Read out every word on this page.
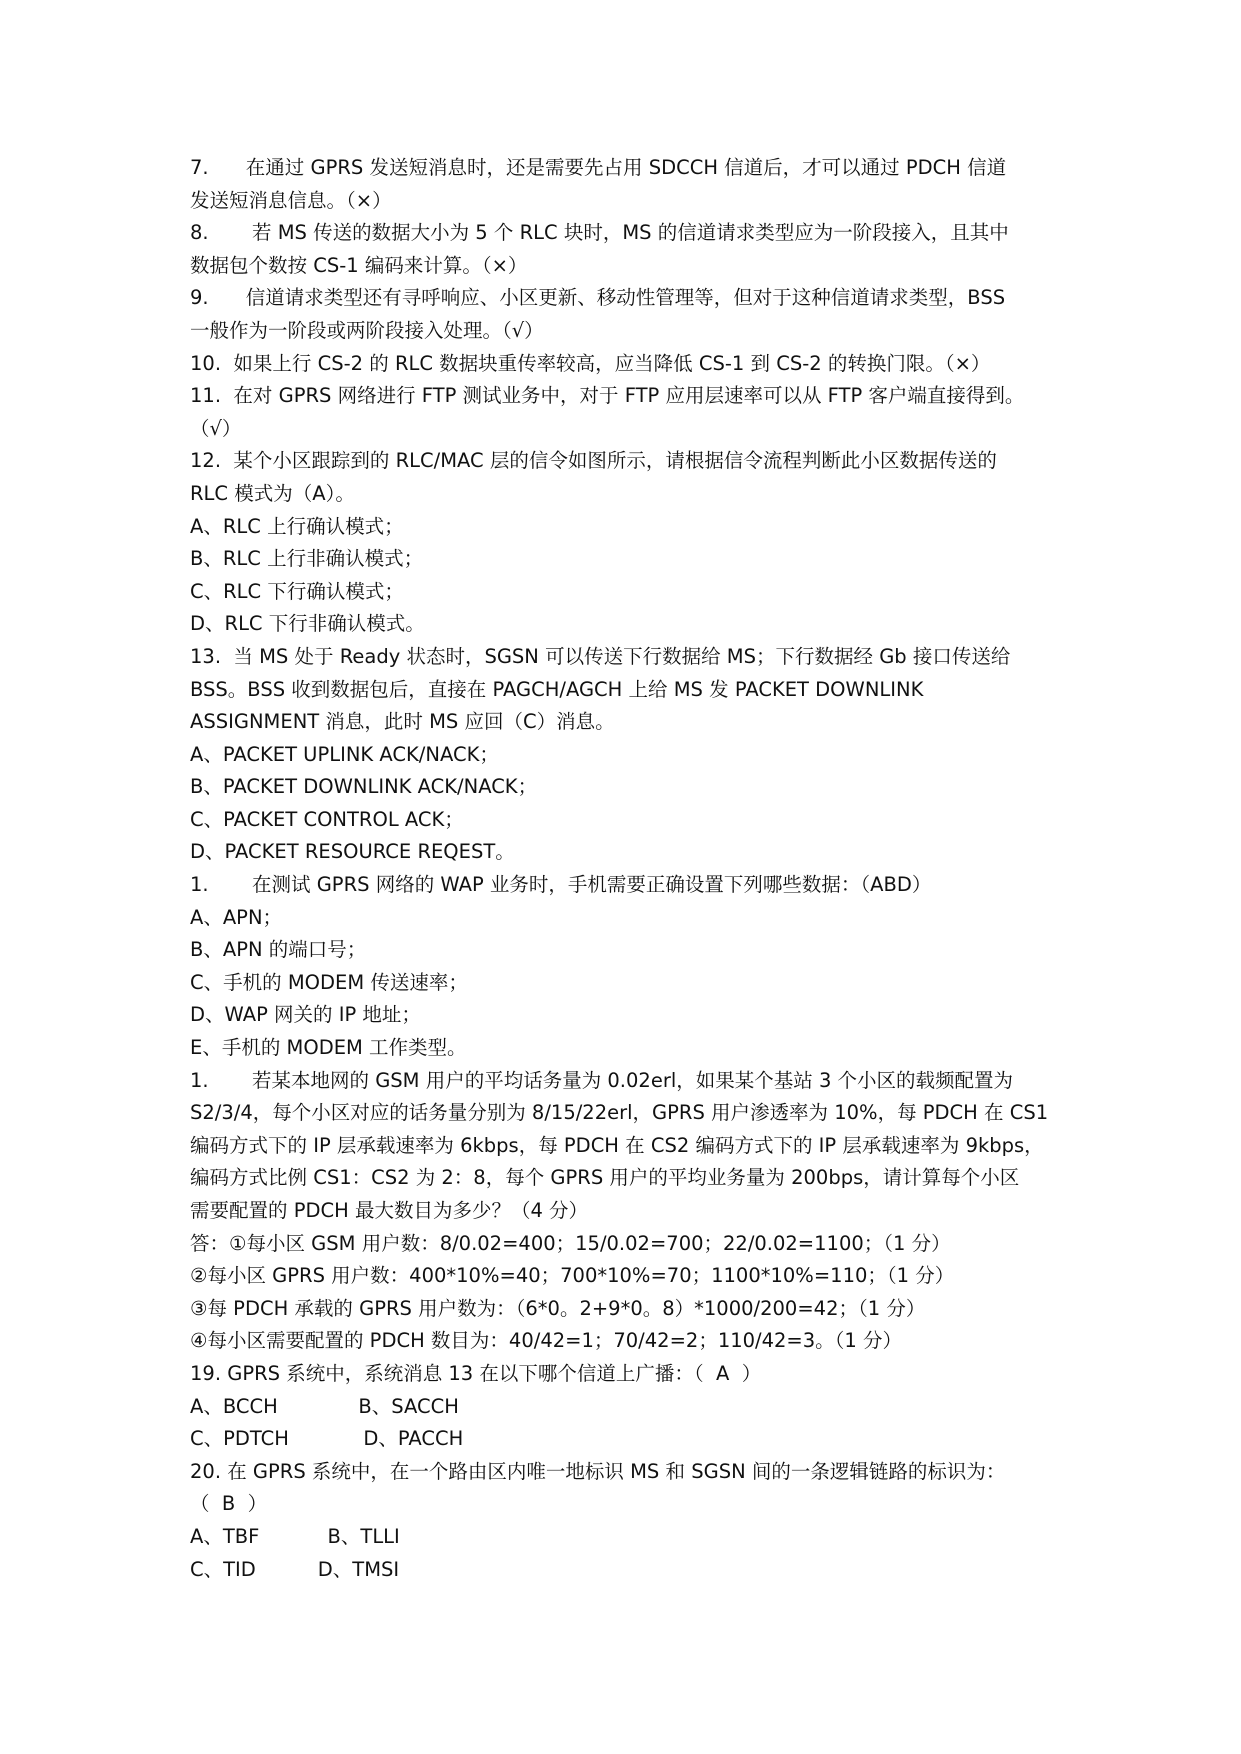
7.      在通过 GPRS 发送短消息时，还是需要先占用 SDCCH 信道后，才可以通过 PDCH 信道
发送短消息信息。（×）
8.       若 MS 传送的数据大小为 5 个 RLC 块时，MS 的信道请求类型应为一阶段接入，且其中
数据包个数按 CS-1 编码来计算。（×）
9.      信道请求类型还有寻呼响应、小区更新、移动性管理等，但对于这种信道请求类型，BSS
一般作为一阶段或两阶段接入处理。（√）
10.  如果上行 CS-2 的 RLC 数据块重传率较高，应当降低 CS-1 到 CS-2 的转换门限。（×）
11.  在对 GPRS 网络进行 FTP 测试业务中，对于 FTP 应用层速率可以从 FTP 客户端直接得到。
（√）
12.  某个小区跟踪到的 RLC/MAC 层的信令如图所示，请根据信令流程判断此小区数据传送的
RLC 模式为（A）。
A、RLC 上行确认模式；
B、RLC 上行非确认模式；
C、RLC 下行确认模式；
D、RLC 下行非确认模式。
13.  当 MS 处于 Ready 状态时，SGSN 可以传送下行数据给 MS；下行数据经 Gb 接口传送给
BSS。BSS 收到数据包后，直接在 PAGCH/AGCH 上给 MS 发 PACKET DOWNLINK
ASSIGNMENT 消息，此时 MS 应回（C）消息。
A、PACKET UPLINK ACK/NACK；
B、PACKET DOWNLINK ACK/NACK；
C、PACKET CONTROL ACK；
D、PACKET RESOURCE REQEST。
1.       在测试 GPRS 网络的 WAP 业务时，手机需要正确设置下列哪些数据：（ABD）
A、APN；
B、APN 的端口号；
C、手机的 MODEM 传送速率；
D、WAP 网关的 IP 地址；
E、手机的 MODEM 工作类型。
1.       若某本地网的 GSM 用户的平均话务量为 0.02erl，如果某个基站 3 个小区的载频配置为
S2/3/4，每个小区对应的话务量分别为 8/15/22erl，GPRS 用户渗透率为 10%，每 PDCH 在 CS1
编码方式下的 IP 层承载速率为 6kbps，每 PDCH 在 CS2 编码方式下的 IP 层承载速率为 9kbps，
编码方式比例 CS1：CS2 为 2：8，每个 GPRS 用户的平均业务量为 200bps，请计算每个小区
需要配置的 PDCH 最大数目为多少？（4 分）
答：①每小区 GSM 用户数：8/0.02=400；15/0.02=700；22/0.02=1100；（1 分）
②每小区 GPRS 用户数：400*10%=40；700*10%=70；1100*10%=110；（1 分）
③每 PDCH 承载的 GPRS 用户数为：（6*0。2+9*0。8）*1000/200=42；（1 分）
④每小区需要配置的 PDCH 数目为：40/42=1；70/42=2；110/42=3。（1 分）
19. GPRS 系统中，系统消息 13 在以下哪个信道上广播：（  A  ）
A、BCCH             B、SACCH
C、PDTCH            D、PACCH
20. 在 GPRS 系统中，在一个路由区内唯一地标识 MS 和 SGSN 间的一条逻辑链路的标识为：
（  B  ）
A、TBF           B、TLLI
C、TID          D、TMSI
